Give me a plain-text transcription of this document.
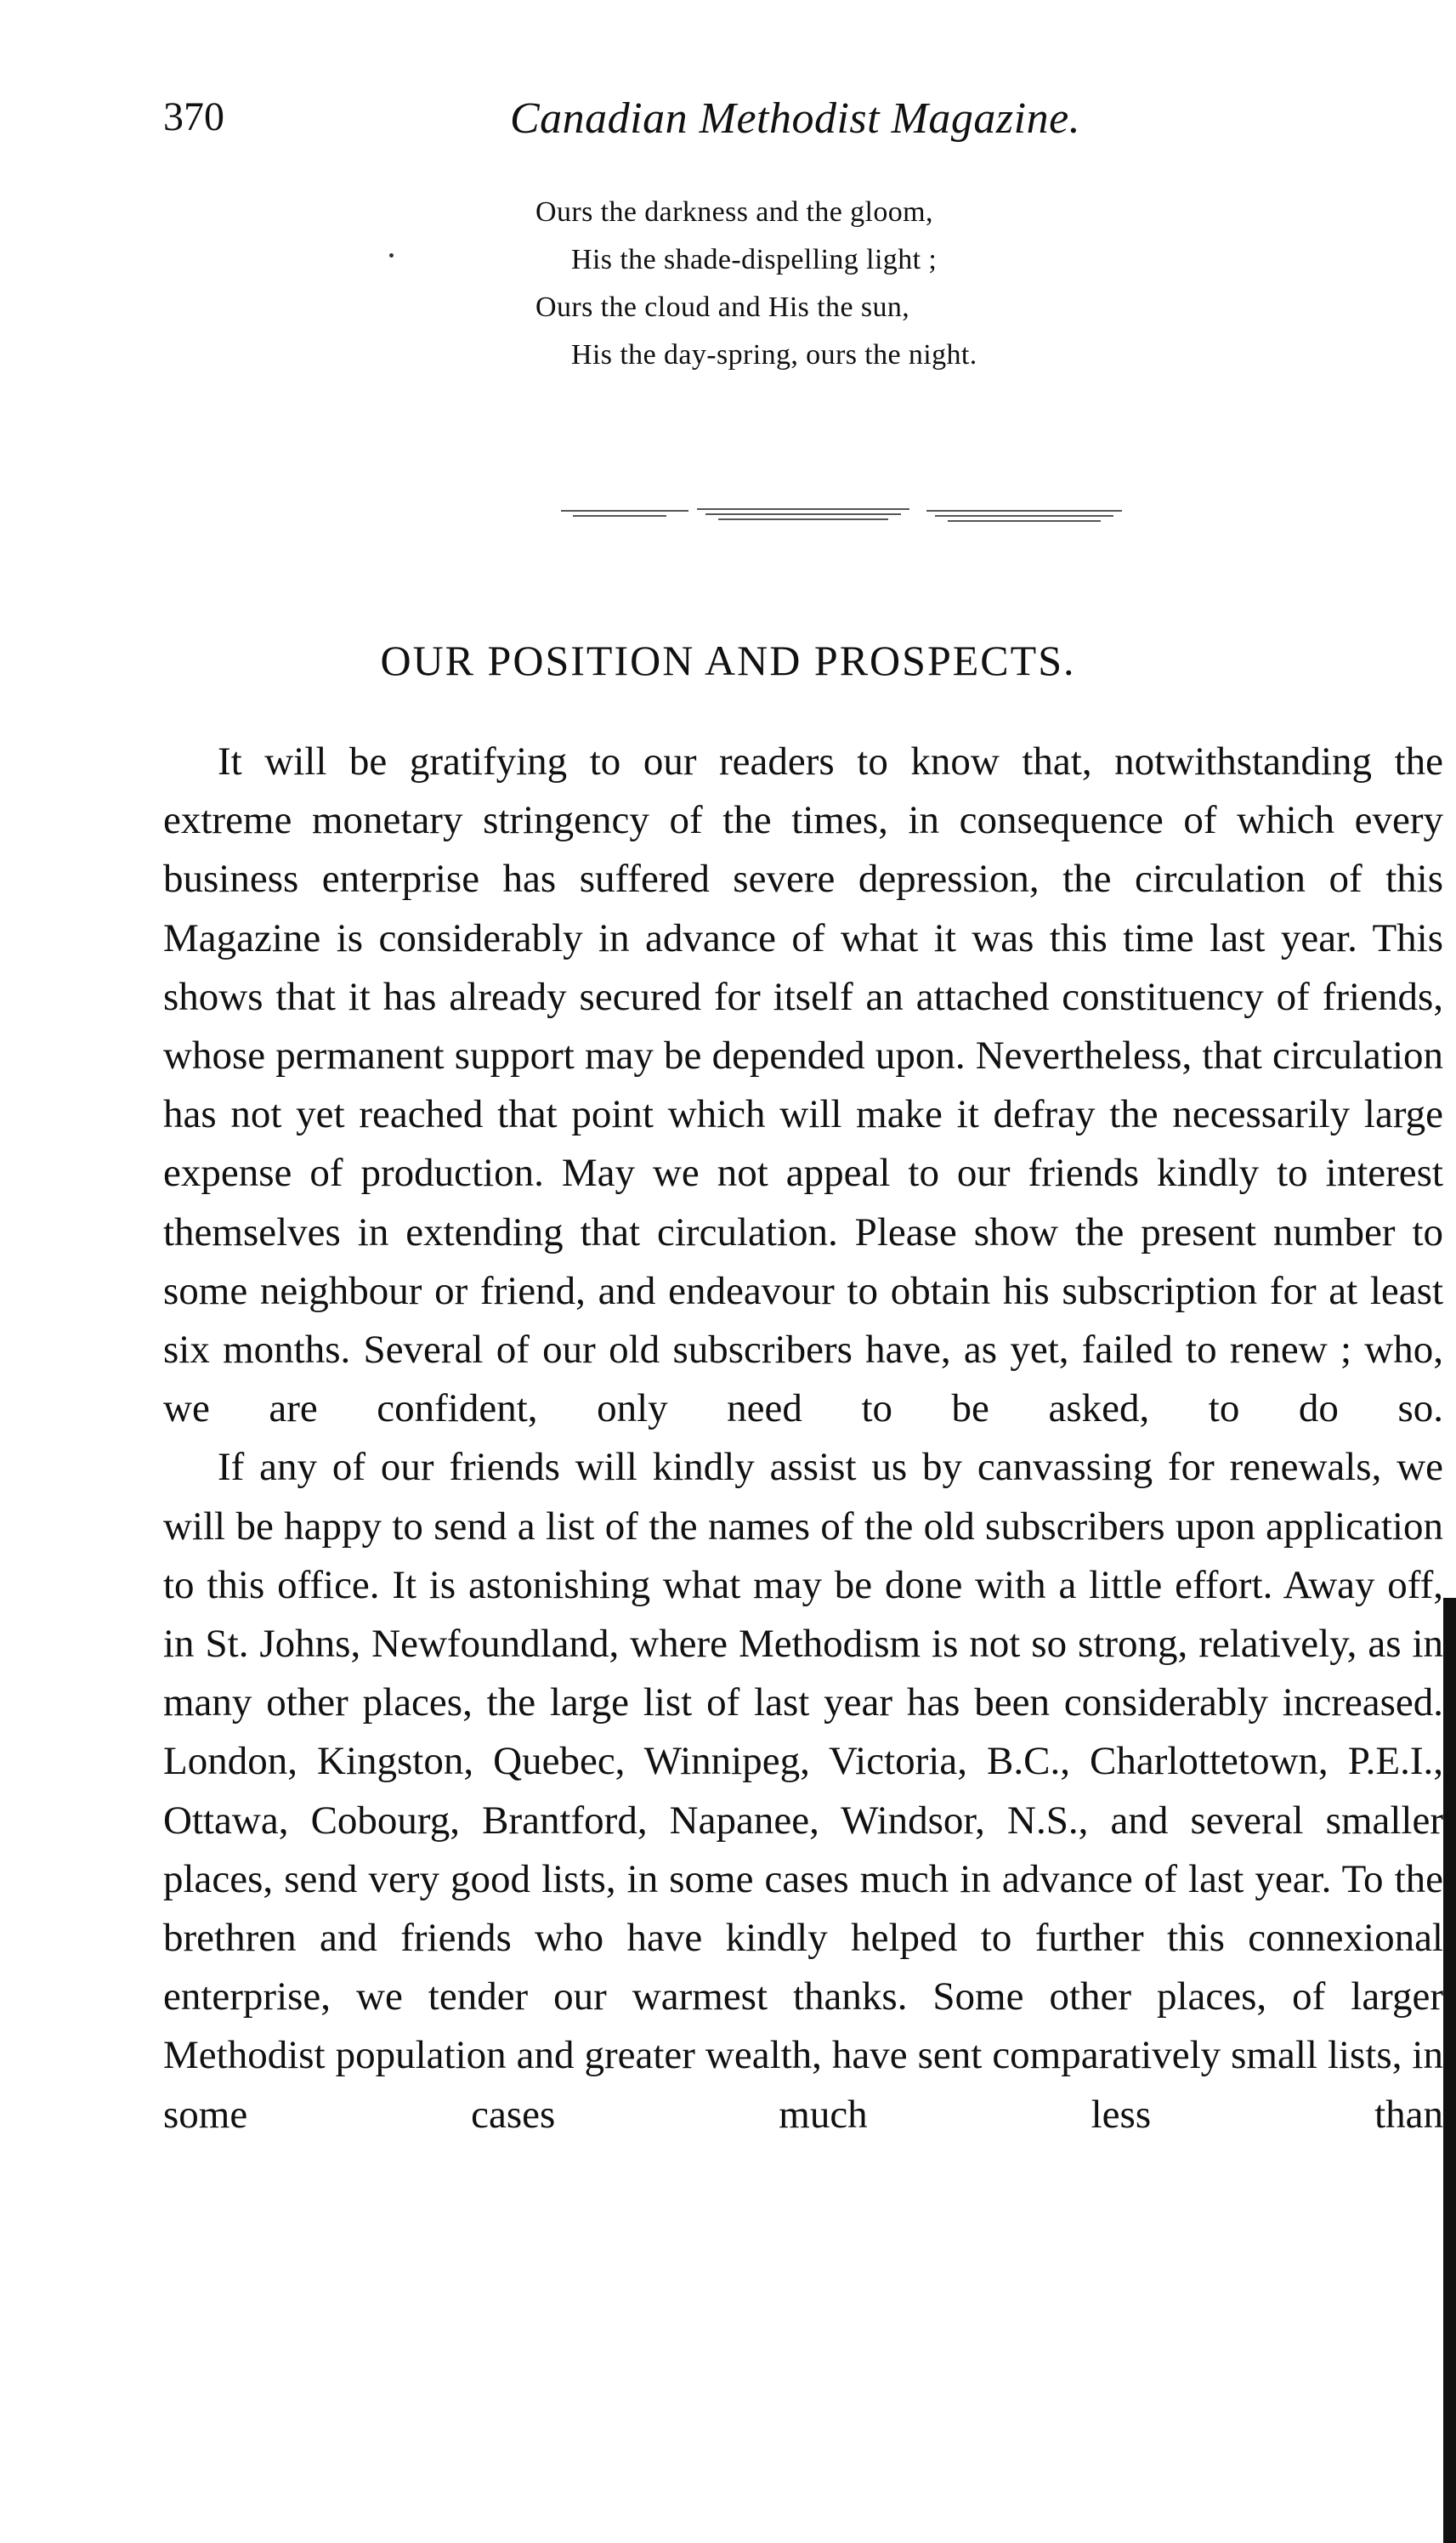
370	Canadian Methodist Magazine.
Ours the darkness and the gloom,
His the shade-dispelling light ;
Ours the cloud and His the sun,
His the day-spring, ours the night.
OUR POSITION AND PROSPECTS.

It will be gratifying to our readers to know that, notwithstanding the extreme monetary stringency of the times, in consequence of which every business enterprise has suffered severe depression, the circulation of this Magazine is considerably in advance of what it was this time last year. This shows that it has already secured for itself an attached constituency of friends, whose permanent support may be depended upon. Nevertheless, that circulation has not yet reached that point which will make it defray the necessarily large expense of production. May we not appeal to our friends kindly to interest themselves in extending that circulation. Please show the present number to some neighbour or friend, and endeavour to obtain his subscription for at least six months. Several of our old subscribers have, as yet, failed to renew ; who, we are confident, only need to be asked, to do so.

If any of our friends will kindly assist us by canvassing for renewals, we will be happy to send a list of the names of the old subscribers upon application to this office. It is astonishing what may be done with a little effort. Away off, in St. Johns, Newfoundland, where Methodism is not so strong, relatively, as in many other places, the large list of last year has been considerably increased. London, Kingston, Quebec, Winnipeg, Victoria, B.C., Charlottetown, P.E.I., Ottawa, Cobourg, Brantford, Napanee, Windsor, N.S., and several smaller places, send very good lists, in some cases much in advance of last year. To the brethren and friends who have kindly helped to further this connexional enterprise, we tender our warmest thanks. Some other places, of larger Methodist population and greater wealth, have sent comparatively small lists, in some cases much less than
